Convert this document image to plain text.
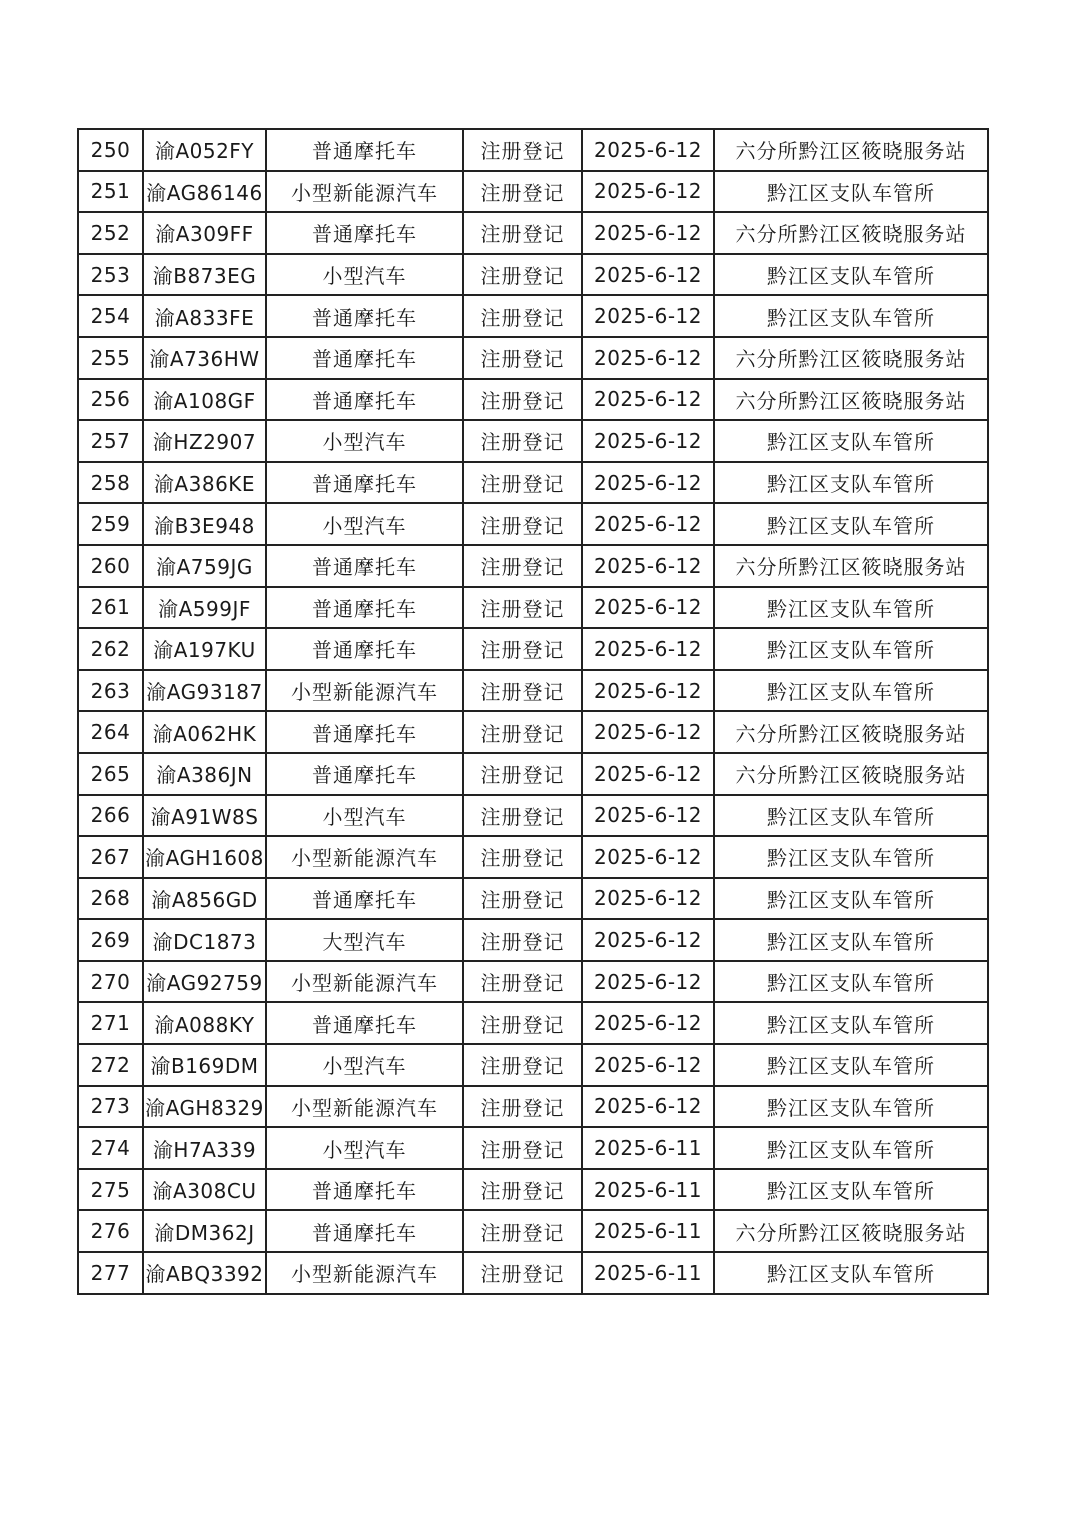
250	渝A052FY	普通摩托车	注册登记	2025-6-12	六分所黔江区筱晓服务站
251	渝AG86146	小型新能源汽车	注册登记	2025-6-12	黔江区支队车管所
252	渝A309FF	普通摩托车	注册登记	2025-6-12	六分所黔江区筱晓服务站
253	渝B873EG	小型汽车	注册登记	2025-6-12	黔江区支队车管所
254	渝A833FE	普通摩托车	注册登记	2025-6-12	黔江区支队车管所
255	渝A736HW	普通摩托车	注册登记	2025-6-12	六分所黔江区筱晓服务站
256	渝A108GF	普通摩托车	注册登记	2025-6-12	六分所黔江区筱晓服务站
257	渝HZ2907	小型汽车	注册登记	2025-6-12	黔江区支队车管所
258	渝A386KE	普通摩托车	注册登记	2025-6-12	黔江区支队车管所
259	渝B3E948	小型汽车	注册登记	2025-6-12	黔江区支队车管所
260	渝A759JG	普通摩托车	注册登记	2025-6-12	六分所黔江区筱晓服务站
261	渝A599JF	普通摩托车	注册登记	2025-6-12	黔江区支队车管所
262	渝A197KU	普通摩托车	注册登记	2025-6-12	黔江区支队车管所
263	渝AG93187	小型新能源汽车	注册登记	2025-6-12	黔江区支队车管所
264	渝A062HK	普通摩托车	注册登记	2025-6-12	六分所黔江区筱晓服务站
265	渝A386JN	普通摩托车	注册登记	2025-6-12	六分所黔江区筱晓服务站
266	渝A91W8S	小型汽车	注册登记	2025-6-12	黔江区支队车管所
267	渝AGH1608	小型新能源汽车	注册登记	2025-6-12	黔江区支队车管所
268	渝A856GD	普通摩托车	注册登记	2025-6-12	黔江区支队车管所
269	渝DC1873	大型汽车	注册登记	2025-6-12	黔江区支队车管所
270	渝AG92759	小型新能源汽车	注册登记	2025-6-12	黔江区支队车管所
271	渝A088KY	普通摩托车	注册登记	2025-6-12	黔江区支队车管所
272	渝B169DM	小型汽车	注册登记	2025-6-12	黔江区支队车管所
273	渝AGH8329	小型新能源汽车	注册登记	2025-6-12	黔江区支队车管所
274	渝H7A339	小型汽车	注册登记	2025-6-11	黔江区支队车管所
275	渝A308CU	普通摩托车	注册登记	2025-6-11	黔江区支队车管所
276	渝DM362J	普通摩托车	注册登记	2025-6-11	六分所黔江区筱晓服务站
277	渝ABQ3392	小型新能源汽车	注册登记	2025-6-11	黔江区支队车管所
